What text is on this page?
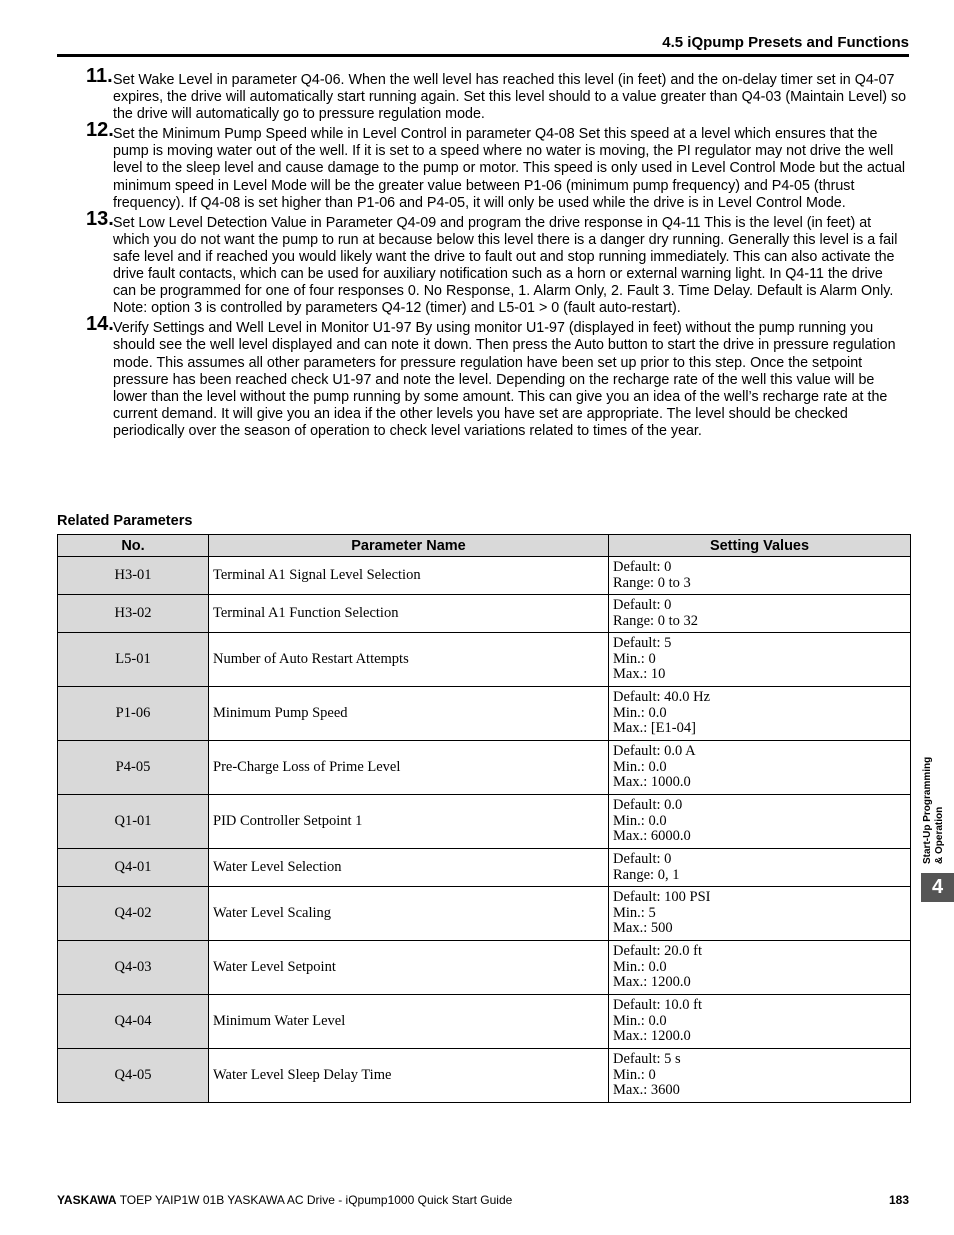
4.5 iQpump Presets and Functions
11. Set Wake Level in parameter Q4-06. When the well level has reached this level (in feet) and the on-delay timer set in Q4-07 expires, the drive will automatically start running again. Set this level should to a value greater than Q4-03 (Maintain Level) so the drive will automatically go to pressure regulation mode.
12. Set the Minimum Pump Speed while in Level Control in parameter Q4-08 Set this speed at a level which ensures that the pump is moving water out of the well. If it is set to a speed where no water is moving, the PI regulator may not drive the well level to the sleep level and cause damage to the pump or motor. This speed is only used in Level Control Mode but the actual minimum speed in Level Mode will be the greater value between P1-06 (minimum pump frequency) and P4-05 (thrust frequency). If Q4-08 is set higher than P1-06 and P4-05, it will only be used while the drive is in Level Control Mode.
13. Set Low Level Detection Value in Parameter Q4-09 and program the drive response in Q4-11 This is the level (in feet) at which you do not want the pump to run at because below this level there is a danger dry running. Generally this level is a fail safe level and if reached you would likely want the drive to fault out and stop running immediately. This can also activate the drive fault contacts, which can be used for auxiliary notification such as a horn or external warning light. In Q4-11 the drive can be programmed for one of four responses 0. No Response, 1. Alarm Only, 2. Fault 3. Time Delay. Default is Alarm Only. Note: option 3 is controlled by parameters Q4-12 (timer) and L5-01 > 0 (fault auto-restart).
14. Verify Settings and Well Level in Monitor U1-97 By using monitor U1-97 (displayed in feet) without the pump running you should see the well level displayed and can note it down. Then press the Auto button to start the drive in pressure regulation mode. This assumes all other parameters for pressure regulation have been set up prior to this step. Once the setpoint pressure has been reached check U1-97 and note the level. Depending on the recharge rate of the well this value will be lower than the level without the pump running by some amount. This can give you an idea of the well’s recharge rate at the current demand. It will give you an idea if the other levels you have set are appropriate. The level should be checked periodically over the season of operation to check level variations related to times of the year.
Related Parameters
No.	Parameter Name	Setting Values
H3-01	Terminal A1 Signal Level Selection	Default: 0
Range: 0 to 3

H3-02	Terminal A1 Function Selection	Default: 0
Range: 0 to 32

L5-01	Number of Auto Restart Attempts	Default: 5
Min.: 0
Max.: 10

P1-06	Minimum Pump Speed	Default: 40.0 Hz
Min.: 0.0
Max.: [E1-04]

P4-05	Pre-Charge Loss of Prime Level	Default: 0.0 A
Min.: 0.0
Max.: 1000.0

Q1-01	PID Controller Setpoint 1	Default: 0.0
Min.: 0.0
Max.: 6000.0

Q4-01	Water Level Selection	Default: 0
Range: 0, 1

Q4-02	Water Level Scaling	Default: 100 PSI
Min.: 5
Max.: 500

Q4-03	Water Level Setpoint	Default: 20.0 ft
Min.: 0.0
Max.: 1200.0

Q4-04	Minimum Water Level	Default: 10.0 ft
Min.: 0.0
Max.: 1200.0

Q4-05	Water Level Sleep Delay Time	Default: 5 s
Min.: 0
Max.: 3600
Start-Up Programming & Operation
4
YASKAWA TOEP YAIP1W 01B YASKAWA AC Drive - iQpump1000 Quick Start Guide	183
